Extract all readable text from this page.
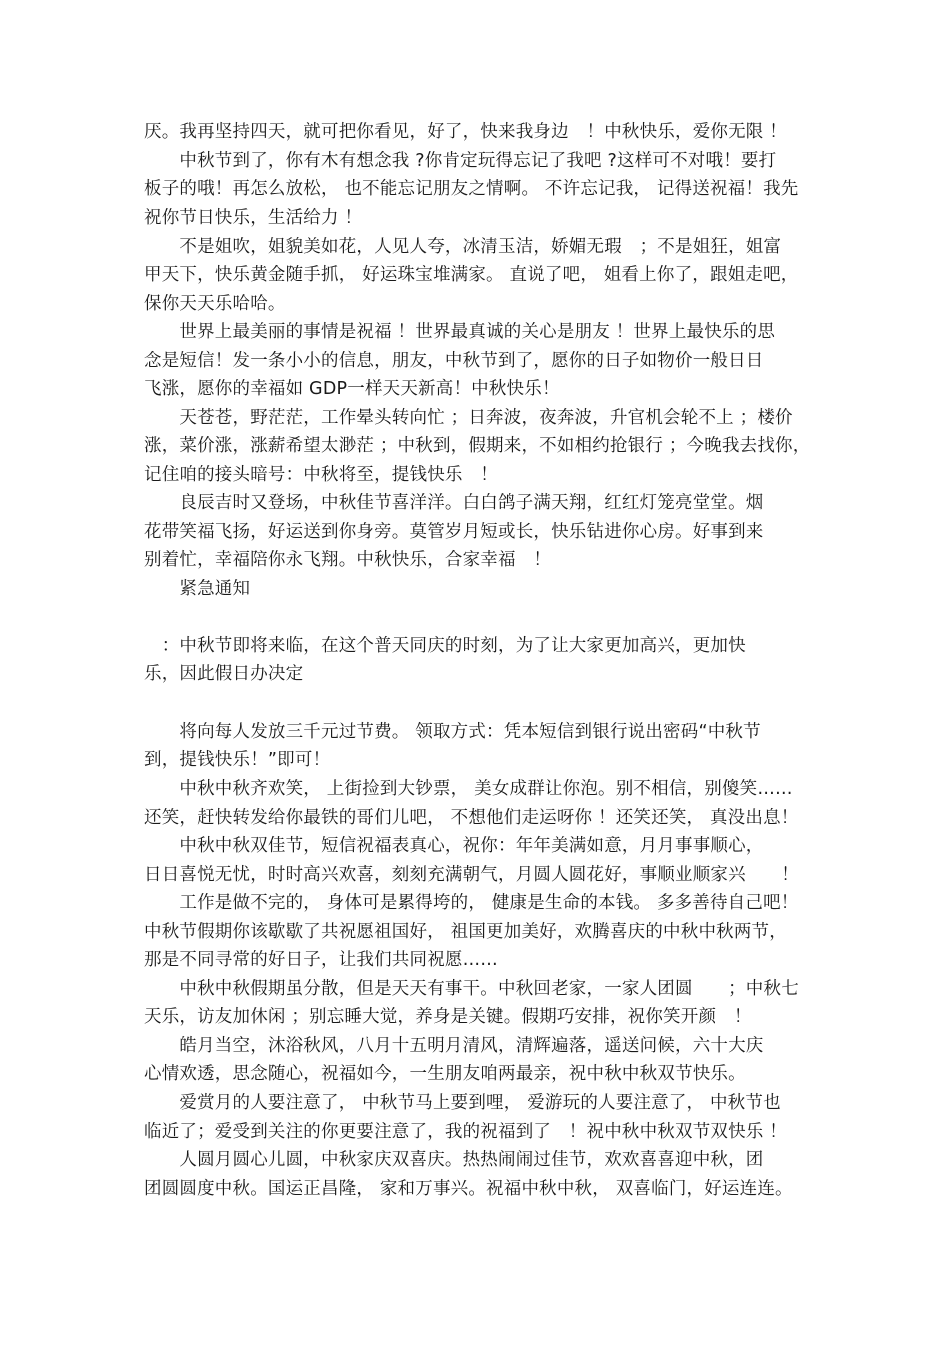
厌。我再坚持四天，就可把你看见，好了，快来我身边　！中秋快乐，爱你无限 ！
　　中秋节到了，你有木有想念我 ?你肯定玩得忘记了我吧 ?这样可不对哦！要打
板子的哦！再怎么放松， 也不能忘记朋友之情啊。 不许忘记我， 记得送祝福！我先
祝你节日快乐，生活给力 ！
　　不是姐吹，姐貌美如花，人见人夸，冰清玉洁，娇媚无瑕　；不是姐狂，姐富
甲天下，快乐黄金随手抓， 好运珠宝堆满家。 直说了吧， 姐看上你了，跟姐走吧，
保你天天乐哈哈。
　　世界上最美丽的事情是祝福 ！世界最真诚的关心是朋友 ！世界上最快乐的思
念是短信！发一条小小的信息，朋友，中秋节到了，愿你的日子如物价一般日日
飞涨，愿你的幸福如 GDP一样天天新高！中秋快乐！
　　天苍苍，野茫茫，工作晕头转向忙 ；日奔波，夜奔波，升官机会轮不上 ；楼价
涨，菜价涨，涨薪希望太渺茫 ；中秋到，假期来，不如相约抢银行 ；今晚我去找你，
记住咱的接头暗号：中秋将至，提钱快乐　！
　　良辰吉时又登场，中秋佳节喜洋洋。白白鸽子满天翔，红红灯笼亮堂堂。烟
花带笑福飞扬，好运送到你身旁。莫管岁月短或长，快乐钻进你心房。好事到来
别着忙，幸福陪你永飞翔。中秋快乐，合家幸福　！
　　紧急通知
　：中秋节即将来临，在这个普天同庆的时刻，为了让大家更加高兴，更加快
乐，因此假日办决定
　　将向每人发放三千元过节费。 领取方式：凭本短信到银行说出密码“中秋节
到，提钱快乐！”即可！
　　中秋中秋齐欢笑， 上街捡到大钞票， 美女成群让你泡。别不相信，别傻笑……
还笑，赶快转发给你最铁的哥们儿吧， 不想他们走运呀你 ！还笑还笑， 真没出息！
　　中秋中秋双佳节，短信祝福表真心，祝你：年年美满如意，月月事事顺心，
日日喜悦无忧，时时高兴欢喜，刻刻充满朝气，月圆人圆花好，事顺业顺家兴　　！
　　工作是做不完的， 身体可是累得垮的， 健康是生命的本钱。 多多善待自己吧！
中秋节假期你该歇歇了共祝愿祖国好， 祖国更加美好，欢腾喜庆的中秋中秋两节，
那是不同寻常的好日子，让我们共同祝愿……
　　中秋中秋假期虽分散，但是天天有事干。中秋回老家，一家人团圆　　；中秋七
天乐，访友加休闲 ；别忘睡大觉，养身是关键。假期巧安排，祝你笑开颜　！
　　皓月当空，沐浴秋风，八月十五明月清风，清辉遍落，遥送问候，六十大庆
心情欢透，思念随心，祝福如今，一生朋友咱两最亲，祝中秋中秋双节快乐。
　　爱赏月的人要注意了， 中秋节马上要到哩， 爱游玩的人要注意了， 中秋节也
临近了；爱受到关注的你更要注意了，我的祝福到了　！祝中秋中秋双节双快乐 ！
　　人圆月圆心儿圆，中秋家庆双喜庆。热热闹闹过佳节，欢欢喜喜迎中秋，团
团圆圆度中秋。国运正昌隆， 家和万事兴。祝福中秋中秋， 双喜临门，好运连连。
